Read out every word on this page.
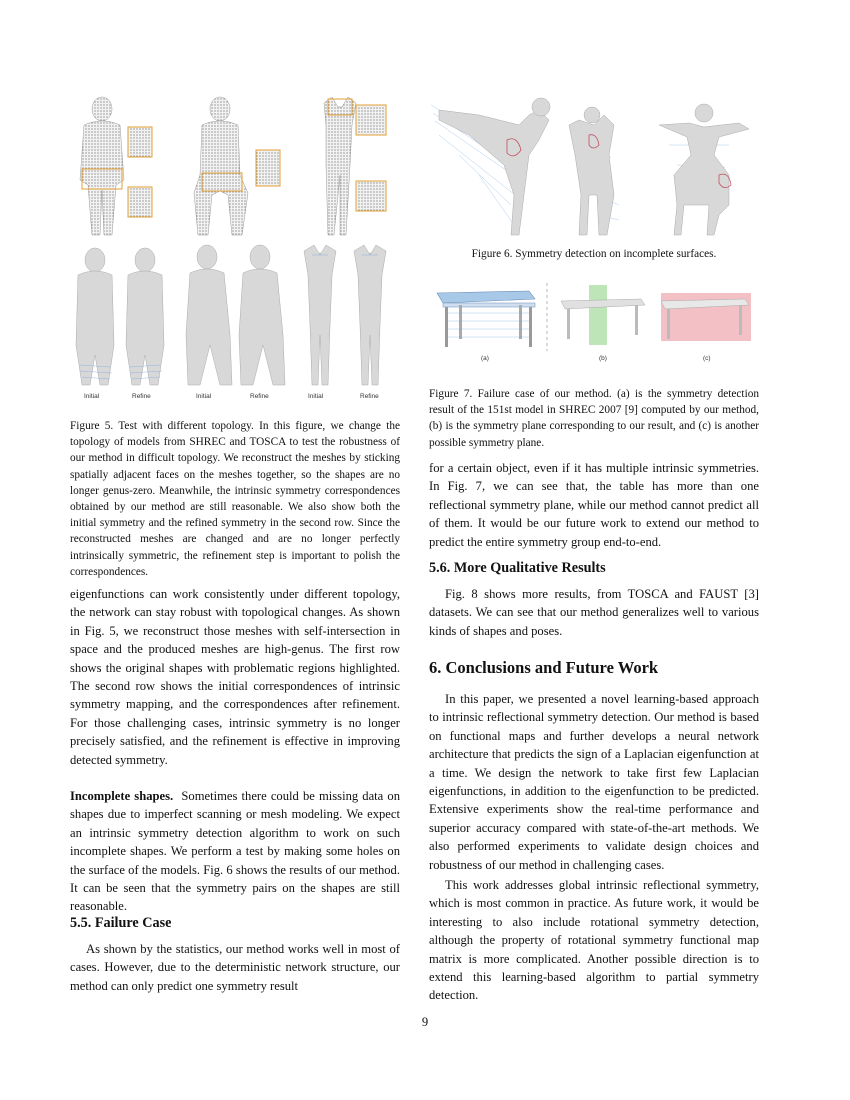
Initial	Refine	Initial	Refine	Initial	Refine
Figure 5. Test with different topology. In this figure, we change the topology of models from SHREC and TOSCA to test the robustness of our method in difficult topology. We reconstruct the meshes by sticking spatially adjacent faces on the meshes together, so the shapes are no longer genus-zero. Meanwhile, the intrinsic symmetry correspondences obtained by our method are still reasonable. We also show both the initial symmetry and the refined symmetry in the second row. Since the reconstructed meshes are changed and are no longer perfectly intrinsically symmetric, the refinement step is important to polish the correspondences.
eigenfunctions can work consistently under different topology, the network can stay robust with topological changes. As shown in Fig. 5, we reconstruct those meshes with self-intersection in space and the produced meshes are high-genus. The first row shows the original shapes with problematic regions highlighted. The second row shows the initial correspondences of intrinsic symmetry mapping, and the correspondences after refinement. For those challenging cases, intrinsic symmetry is no longer precisely satisfied, and the refinement is effective in improving detected symmetry.
Incomplete shapes. Sometimes there could be missing data on shapes due to imperfect scanning or mesh modeling. We expect an intrinsic symmetry detection algorithm to work on such incomplete shapes. We perform a test by making some holes on the surface of the models. Fig. 6 shows the results of our method. It can be seen that the symmetry pairs on the shapes are still reasonable.
5.5. Failure Case
As shown by the statistics, our method works well in most of cases. However, due to the deterministic network structure, our method can only predict one symmetry result
Figure 6. Symmetry detection on incomplete surfaces.
(a)	(b)	(c)
Figure 7. Failure case of our method. (a) is the symmetry detection result of the 151st model in SHREC 2007 [9] computed by our method, (b) is the symmetry plane corresponding to our result, and (c) is another possible symmetry plane.
for a certain object, even if it has multiple intrinsic symmetries. In Fig. 7, we can see that, the table has more than one reflectional symmetry plane, while our method cannot predict all of them. It would be our future work to extend our method to predict the entire symmetry group end-to-end.
5.6. More Qualitative Results
Fig. 8 shows more results, from TOSCA and FAUST [3] datasets. We can see that our method generalizes well to various kinds of shapes and poses.
6. Conclusions and Future Work
In this paper, we presented a novel learning-based approach to intrinsic reflectional symmetry detection. Our method is based on functional maps and further develops a neural network architecture that predicts the sign of a Laplacian eigenfunction at a time. We design the network to take first few Laplacian eigenfunctions, in addition to the eigenfunction to be predicted. Extensive experiments show the real-time performance and superior accuracy compared with state-of-the-art methods. We also performed experiments to validate design choices and robustness of our method in challenging cases.
This work addresses global intrinsic reflectional symmetry, which is most common in practice. As future work, it would be interesting to also include rotational symmetry detection, although the property of rotational symmetry functional map matrix is more complicated. Another possible direction is to extend this learning-based algorithm to partial symmetry detection.
9
